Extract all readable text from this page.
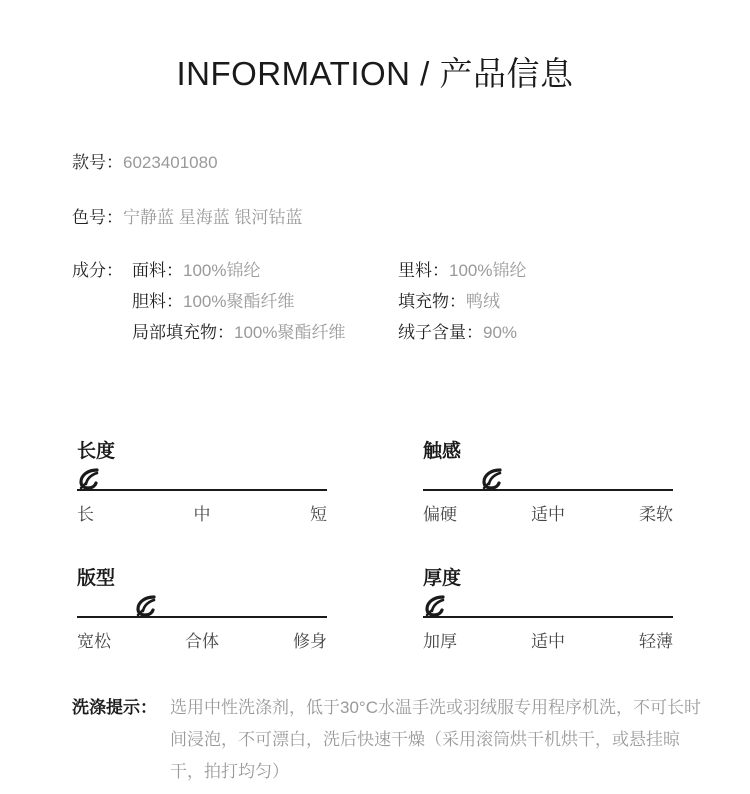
INFORMATION / 产品信息
款号：6023401080
色号：宁静蓝 星海蓝 银河钴蓝
成分： 面料：100%锦纶	里料：100%锦纶
胆料：100%聚酯纤维	填充物：鸭绒
局部填充物：100%聚酯纤维	绒子含量：90%
长度
长	中	短
触感
偏硬	适中	柔软
版型
宽松	合体	修身
厚度
加厚	适中	轻薄
洗涤提示： 选用中性洗涤剂，低于30°C水温手洗或羽绒服专用程序机洗，不可长时间浸泡，不可漂白，洗后快速干燥（采用滚筒烘干机烘干，或悬挂晾干，拍打均匀）
